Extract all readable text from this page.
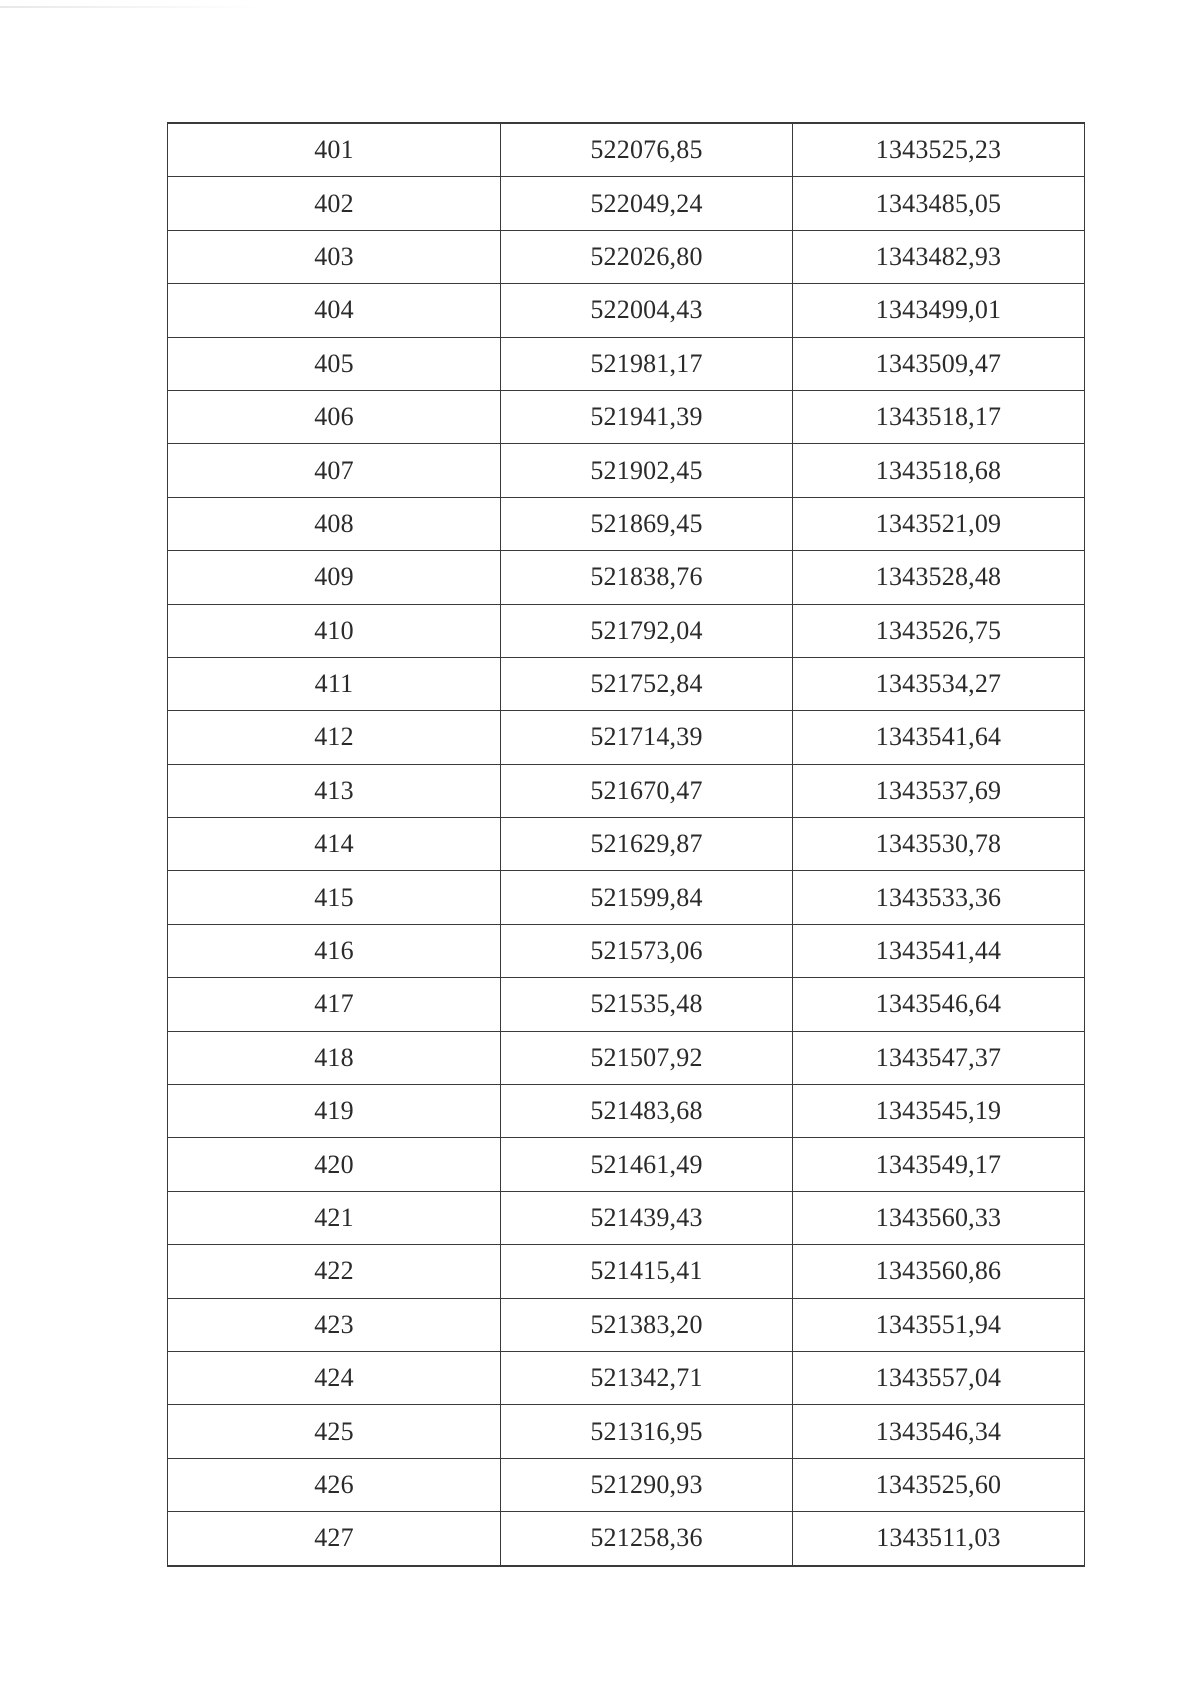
401	522076,85	1343525,23
402	522049,24	1343485,05
403	522026,80	1343482,93
404	522004,43	1343499,01
405	521981,17	1343509,47
406	521941,39	1343518,17
407	521902,45	1343518,68
408	521869,45	1343521,09
409	521838,76	1343528,48
410	521792,04	1343526,75
411	521752,84	1343534,27
412	521714,39	1343541,64
413	521670,47	1343537,69
414	521629,87	1343530,78
415	521599,84	1343533,36
416	521573,06	1343541,44
417	521535,48	1343546,64
418	521507,92	1343547,37
419	521483,68	1343545,19
420	521461,49	1343549,17
421	521439,43	1343560,33
422	521415,41	1343560,86
423	521383,20	1343551,94
424	521342,71	1343557,04
425	521316,95	1343546,34
426	521290,93	1343525,60
427	521258,36	1343511,03
